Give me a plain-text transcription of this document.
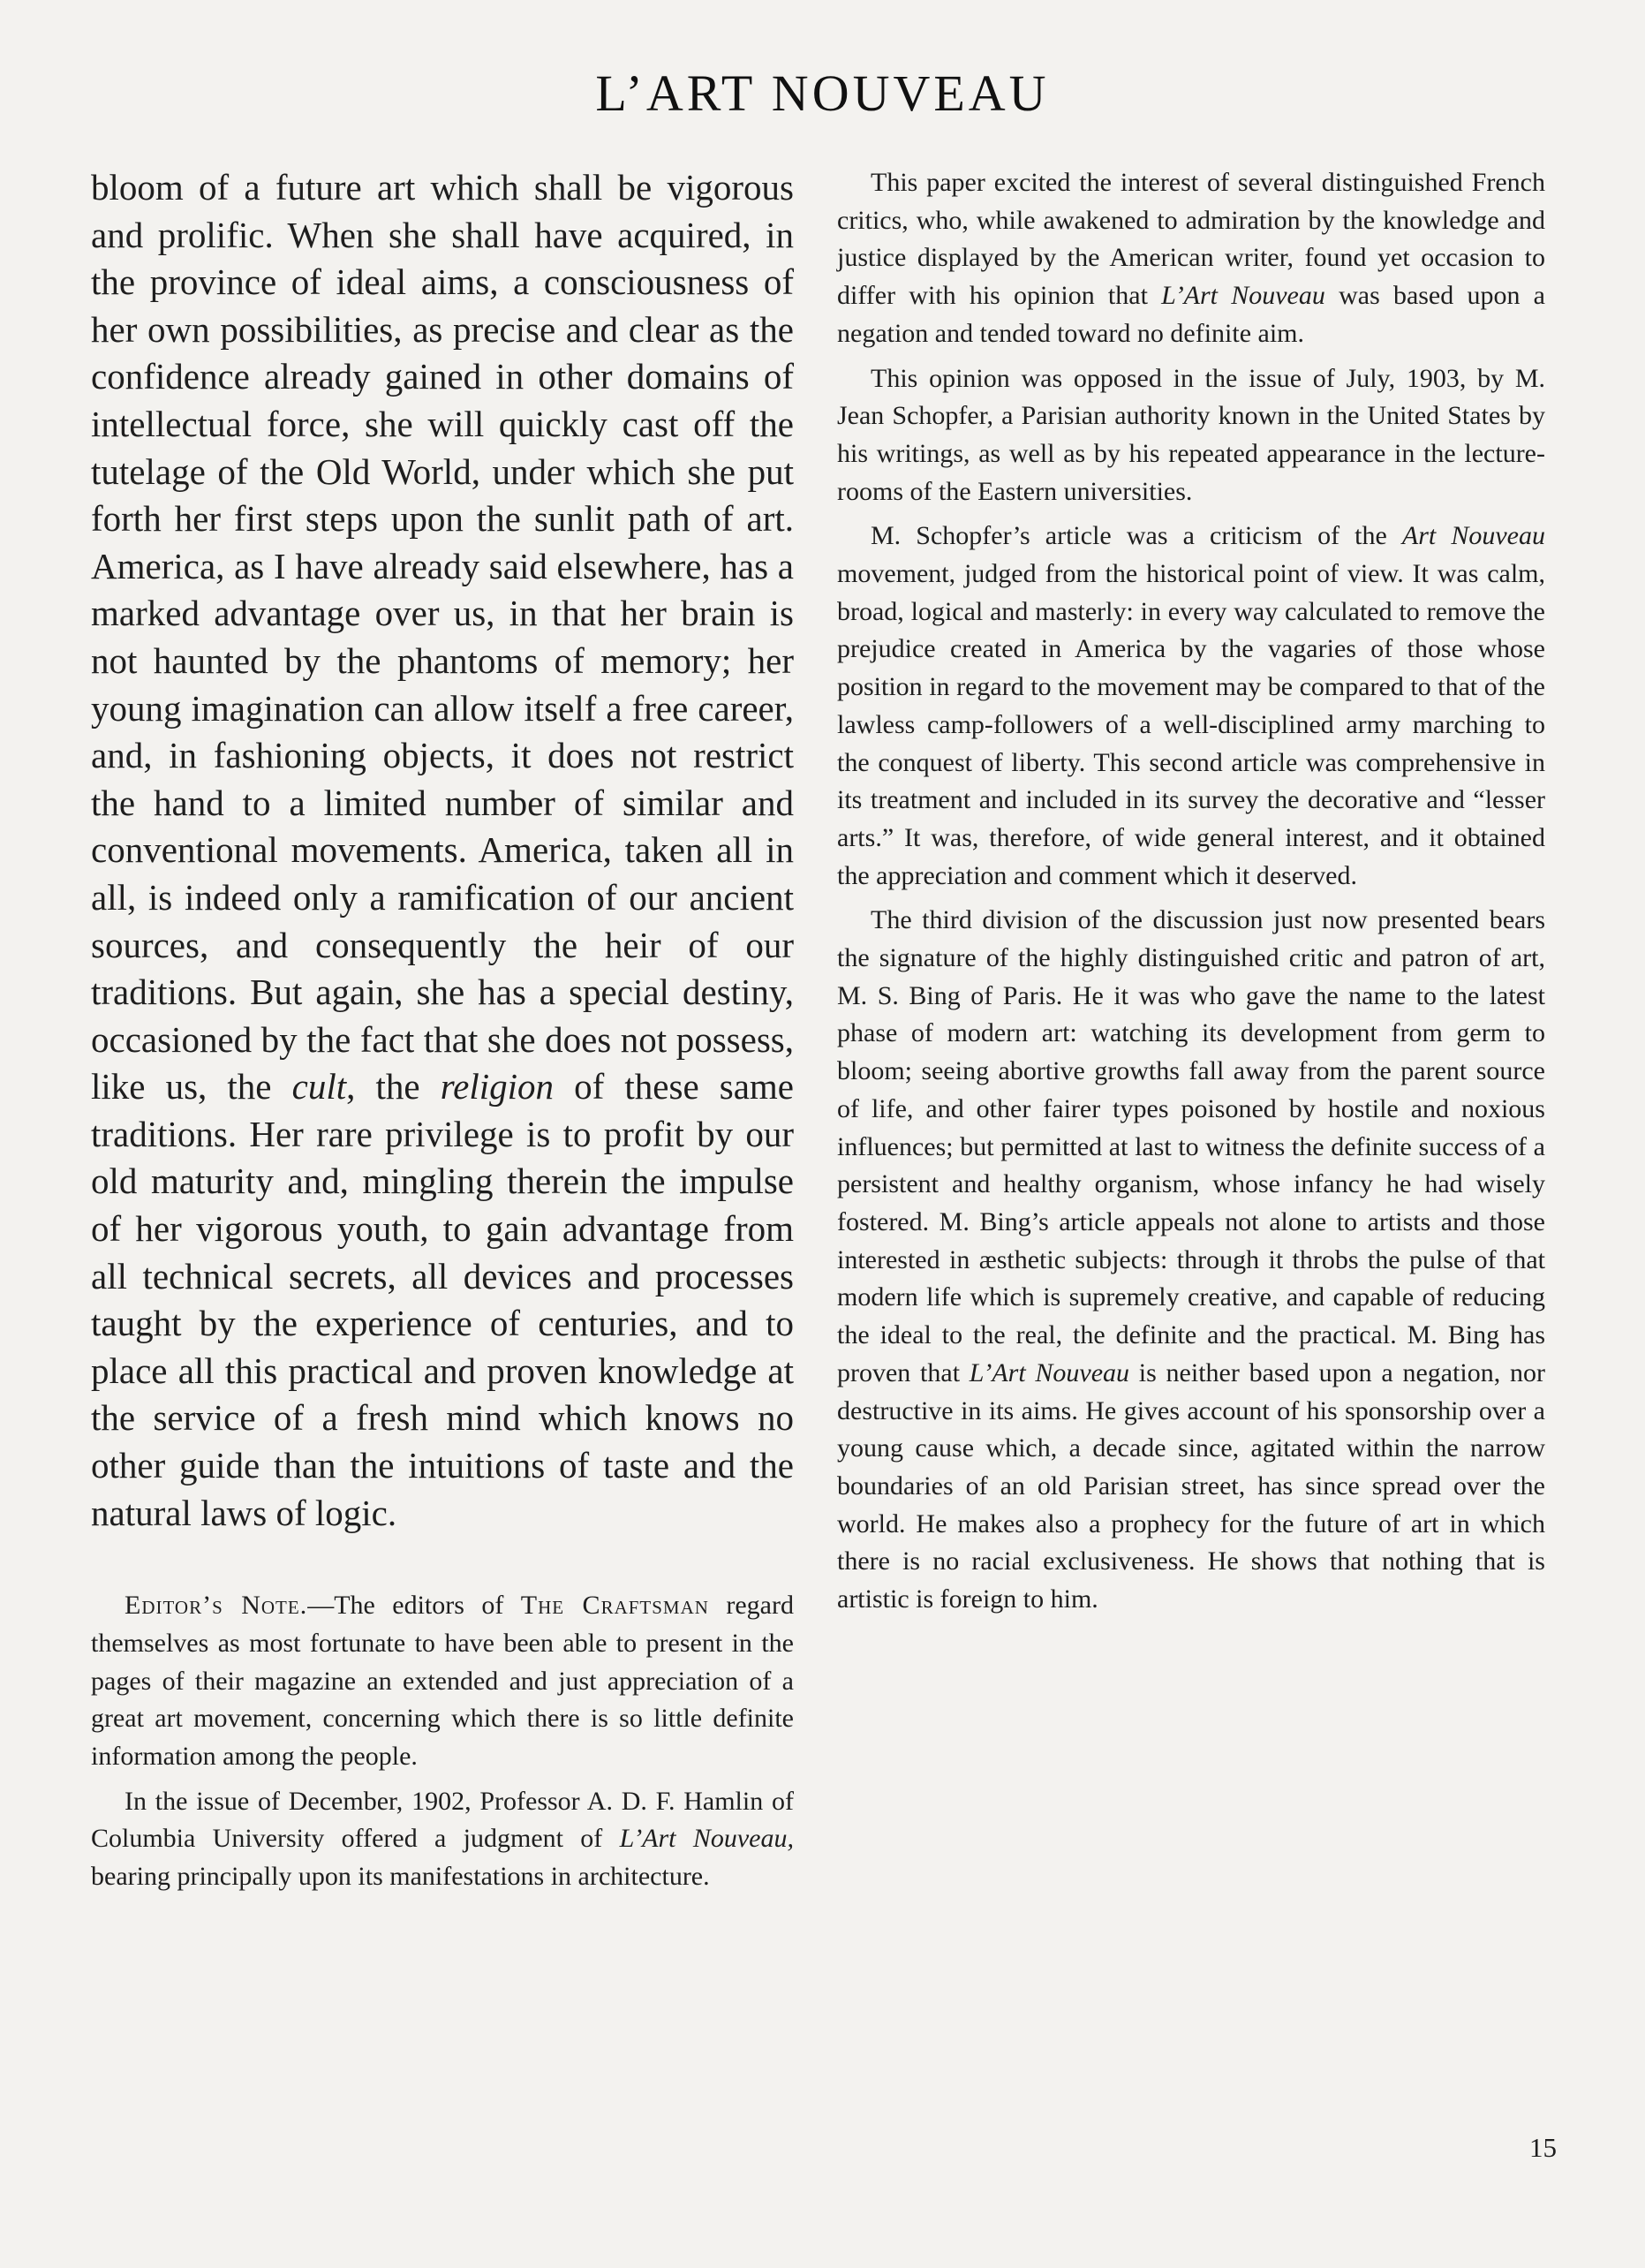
L’ART NOUVEAU

bloom of a future art which shall be vigorous and prolific. When she shall have acquired, in the province of ideal aims, a consciousness of her own possibilities, as precise and clear as the confidence already gained in other domains of intellectual force, she will quickly cast off the tutelage of the Old World, under which she put forth her first steps upon the sunlit path of art. America, as I have already said elsewhere, has a marked advantage over us, in that her brain is not haunted by the phantoms of memory; her young imagination can allow itself a free career, and, in fashioning objects, it does not restrict the hand to a limited number of similar and conventional movements. America, taken all in all, is indeed only a ramification of our ancient sources, and consequently the heir of our traditions. But again, she has a special destiny, occasioned by the fact that she does not possess, like us, the cult, the religion of these same traditions. Her rare privilege is to profit by our old maturity and, mingling therein the impulse of her vigorous youth, to gain advantage from all technical secrets, all devices and processes taught by the experience of centuries, and to place all this practical and proven knowledge at the service of a fresh mind which knows no other guide than the intuitions of taste and the natural laws of logic.

Editor’s Note.—The editors of The Craftsman regard themselves as most fortunate to have been able to present in the pages of their magazine an extended and just appreciation of a great art movement, concerning which there is so little definite information among the people.

In the issue of December, 1902, Professor A. D. F. Hamlin of Columbia University offered a judgment of L’Art Nouveau, bearing principally upon its manifestations in architecture.

This paper excited the interest of several distinguished French critics, who, while awakened to admiration by the knowledge and justice displayed by the American writer, found yet occasion to differ with his opinion that L’Art Nouveau was based upon a negation and tended toward no definite aim.

This opinion was opposed in the issue of July, 1903, by M. Jean Schopfer, a Parisian authority known in the United States by his writings, as well as by his repeated appearance in the lecture-rooms of the Eastern universities.

M. Schopfer’s article was a criticism of the Art Nouveau movement, judged from the historical point of view. It was calm, broad, logical and masterly: in every way calculated to remove the prejudice created in America by the vagaries of those whose position in regard to the movement may be compared to that of the lawless camp-followers of a well-disciplined army marching to the conquest of liberty. This second article was comprehensive in its treatment and included in its survey the decorative and “lesser arts.” It was, therefore, of wide general interest, and it obtained the appreciation and comment which it deserved.

The third division of the discussion just now presented bears the signature of the highly distinguished critic and patron of art, M. S. Bing of Paris. He it was who gave the name to the latest phase of modern art: watching its development from germ to bloom; seeing abortive growths fall away from the parent source of life, and other fairer types poisoned by hostile and noxious influences; but permitted at last to witness the definite success of a persistent and healthy organism, whose infancy he had wisely fostered. M. Bing’s article appeals not alone to artists and those interested in æsthetic subjects: through it throbs the pulse of that modern life which is supremely creative, and capable of reducing the ideal to the real, the definite and the practical. M. Bing has proven that L’Art Nouveau is neither based upon a negation, nor destructive in its aims. He gives account of his sponsorship over a young cause which, a decade since, agitated within the narrow boundaries of an old Parisian street, has since spread over the world. He makes also a prophecy for the future of art in which there is no racial exclusiveness. He shows that nothing that is artistic is foreign to him.

15
